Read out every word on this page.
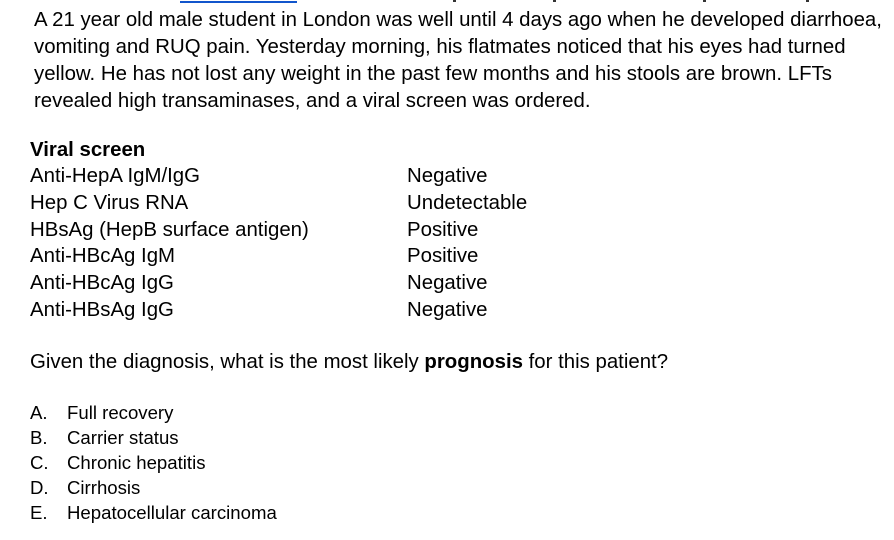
A 21 year old male student in London was well until 4 days ago when he developed diarrhoea, vomiting and RUQ pain. Yesterday morning, his flatmates noticed that his eyes had turned yellow. He has not lost any weight in the past few months and his stools are brown. LFTs revealed high transaminases, and a viral screen was ordered.

Viral screen

Anti-HepA IgM/IgG	Negative
Hep C Virus RNA	Undetectable
HBsAg (HepB surface antigen)	Positive
Anti-HBcAg IgM	Positive
Anti-HBcAg IgG	Negative
Anti-HBsAg IgG	Negative

Given the diagnosis, what is the most likely prognosis for this patient?

A. Full recovery
B. Carrier status
C. Chronic hepatitis
D. Cirrhosis
E. Hepatocellular carcinoma
